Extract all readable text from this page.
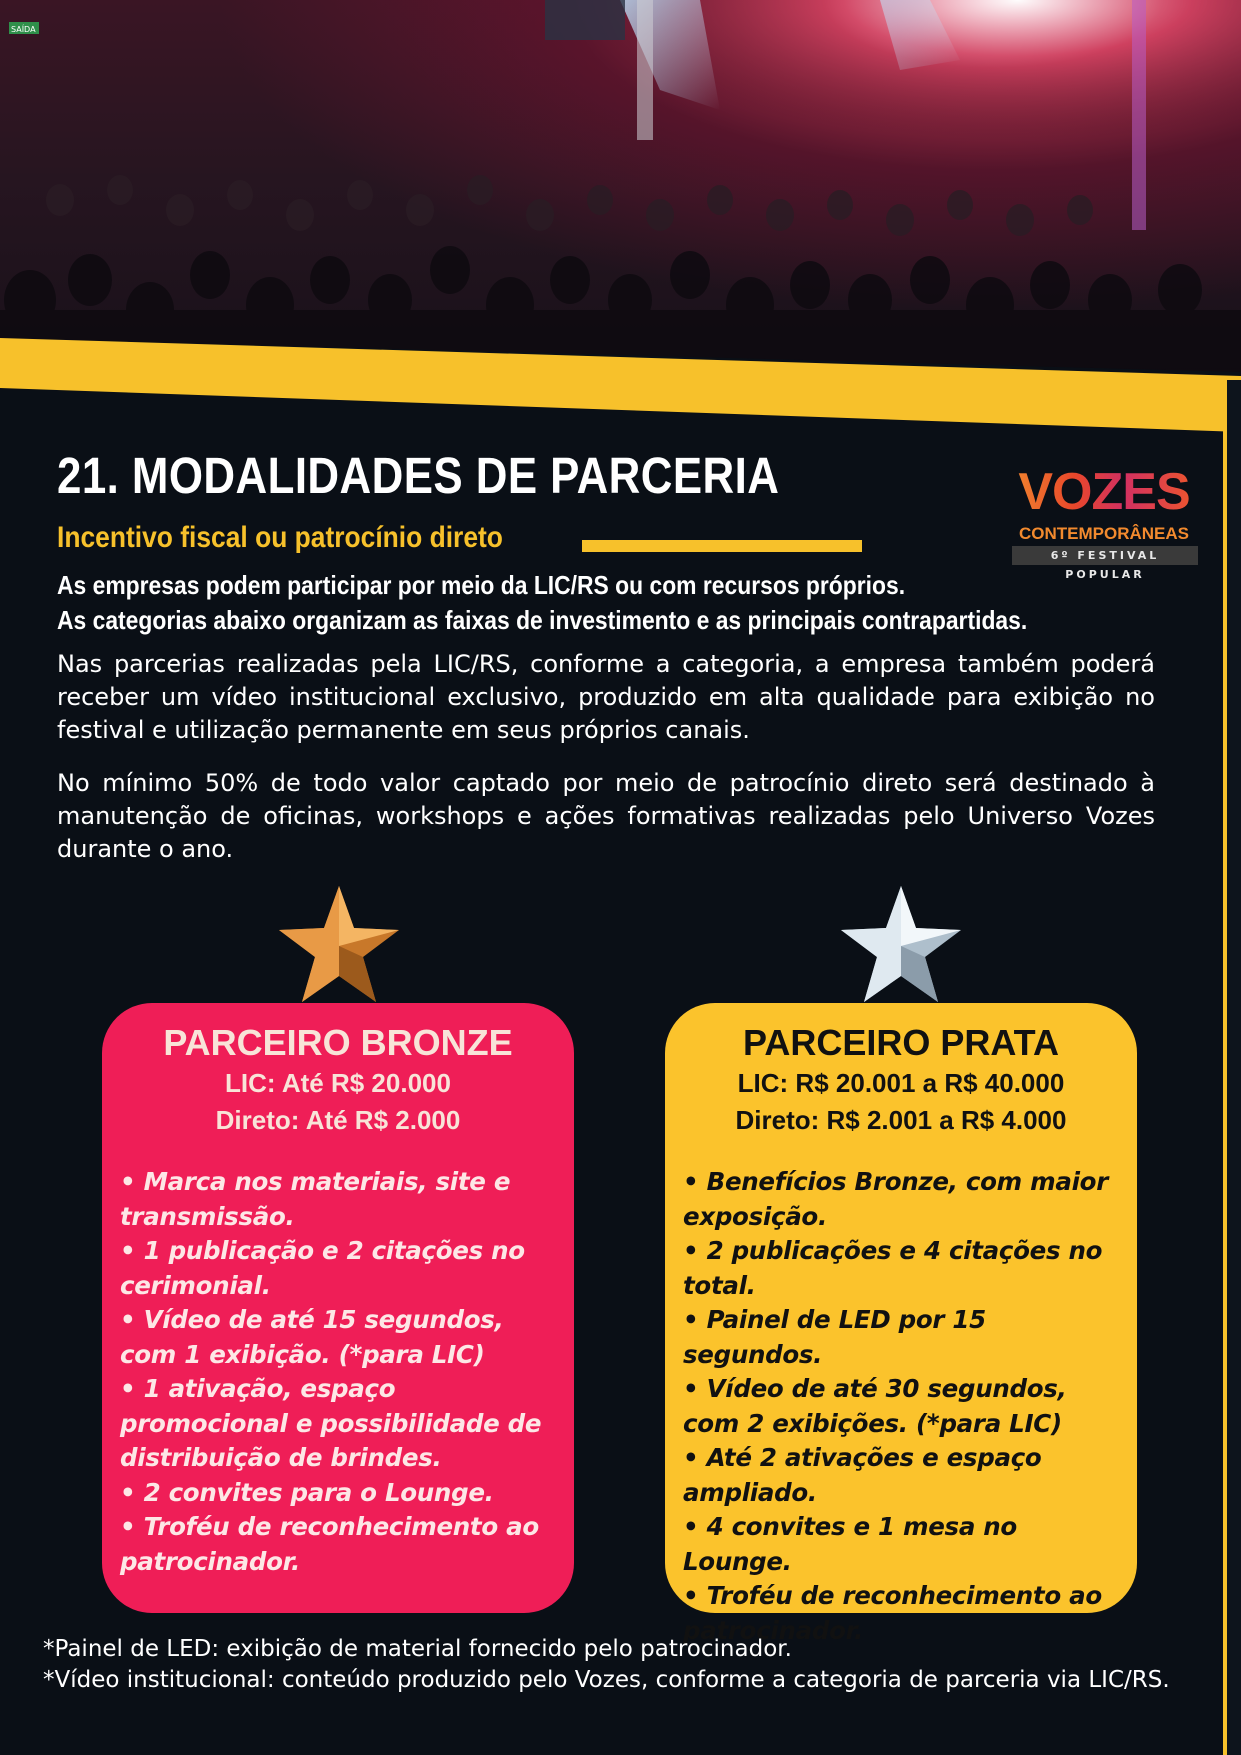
SAÍDA
21. MODALIDADES DE PARCERIA
Incentivo fiscal ou patrocínio direto
VOZES
CONTEMPORÂNEAS
6º FESTIVAL POPULAR

As empresas podem participar por meio da LIC/RS ou com recursos próprios.

As categorias abaixo organizam as faixas de investimento e as principais contrapartidas.

Nas parcerias realizadas pela LIC/RS, conforme a categoria, a empresa também poderá receber um vídeo institucional exclusivo, produzido em alta qualidade para exibição no festival e utilização permanente em seus próprios canais.

No mínimo 50% de todo valor captado por meio de patrocínio direto será destinado à manutenção de oficinas, workshops e ações formativas realizadas pelo Universo Vozes durante o ano.

PARCEIRO BRONZE

LIC: Até R$ 20.000

Direto: Até R$ 2.000

• Marca nos materiais, site e transmissão.
• 1 publicação e 2 citações no cerimonial.
• Vídeo de até 15 segundos, com 1 exibição. (*para LIC)
• 1 ativação, espaço promocional e possibilidade de distribuição de brindes.
• 2 convites para o Lounge.
• Troféu de reconhecimento ao patrocinador.
PARCEIRO PRATA

LIC: R$ 20.001 a R$ 40.000

Direto: R$ 2.001 a R$ 4.000

• Benefícios Bronze, com maior exposição.
• 2 publicações e 4 citações no total.
• Painel de LED por 15 segundos.
• Vídeo de até 30 segundos, com 2 exibições. (*para LIC)
• Até 2 ativações e espaço ampliado.
• 4 convites e 1 mesa no Lounge.
• Troféu de reconhecimento ao patrocinador.

*Painel de LED: exibição de material fornecido pelo patrocinador.

*Vídeo institucional: conteúdo produzido pelo Vozes, conforme a categoria de parceria via LIC/RS.
